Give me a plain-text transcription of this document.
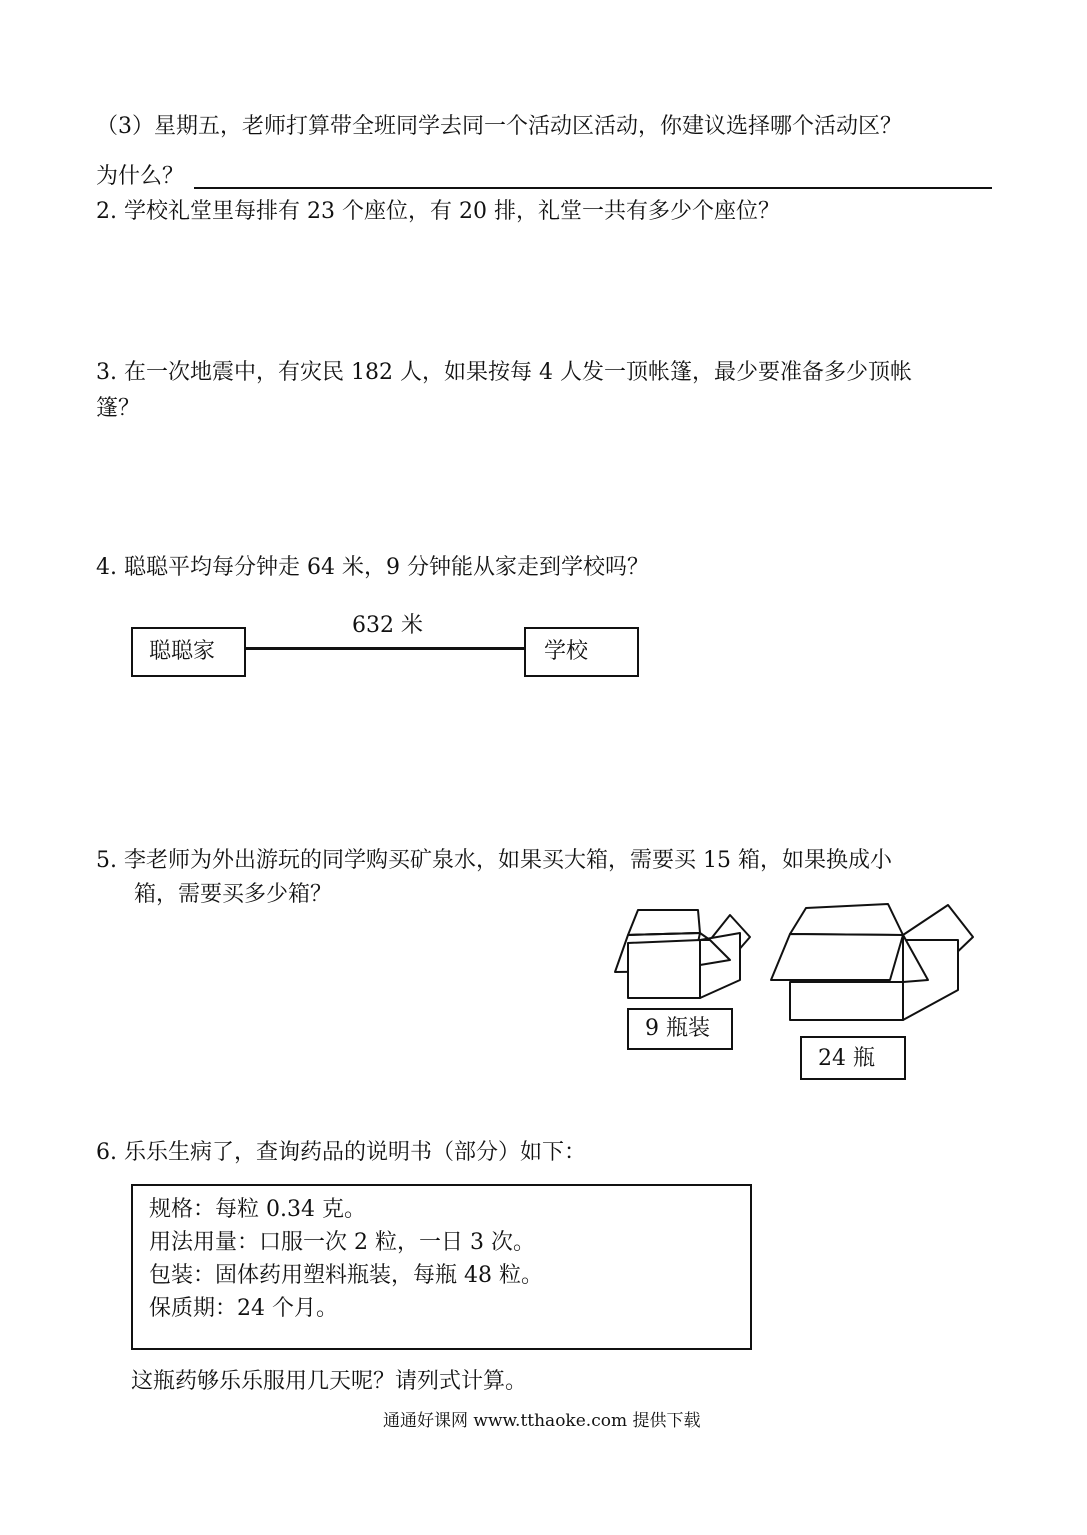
（3）星期五，老师打算带全班同学去同一个活动区活动，你建议选择哪个活动区？
为什么？
2. 学校礼堂里每排有 23 个座位，有 20 排，礼堂一共有多少个座位？
3. 在一次地震中，有灾民 182 人，如果按每 4 人发一顶帐篷，最少要准备多少顶帐
篷？
4. 聪聪平均每分钟走 64 米，9 分钟能从家走到学校吗？
聪聪家
632 米
学校
5. 李老师为外出游玩的同学购买矿泉水，如果买大箱，需要买 15 箱，如果换成小
箱，需要买多少箱？
9 瓶装
24 瓶
6. 乐乐生病了，查询药品的说明书（部分）如下：
规格：每粒 0.34 克。
用法用量：口服一次 2 粒，一日 3 次。
包装：固体药用塑料瓶装，每瓶 48 粒。
保质期：24 个月。
这瓶药够乐乐服用几天呢？请列式计算。
通通好课网 www.tthaoke.com 提供下载
